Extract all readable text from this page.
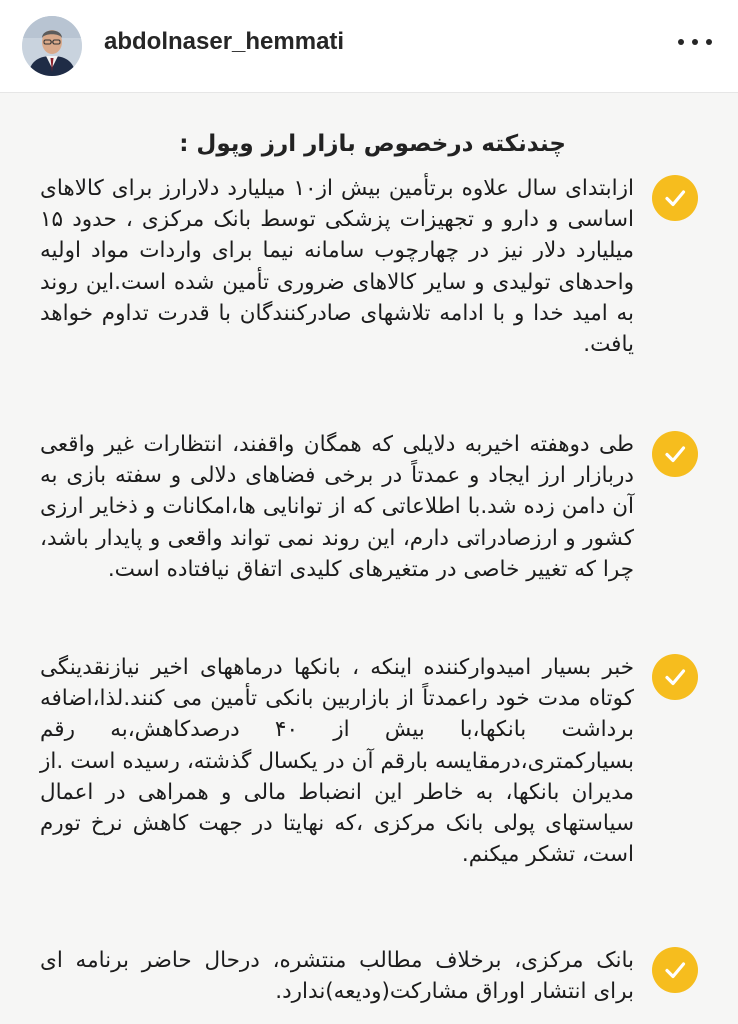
abdolnaser_hemmati
چندنکته درخصوص بازار ارز وپول :
ازابتدای سال علاوه برتأمین بیش از۱۰ میلیارد دلارارز برای کالاهای اساسی و دارو و تجهیزات پزشکی توسط بانک مرکزی ، حدود ۱۵ میلیارد دلار نیز در چهارچوب سامانه نیما برای واردات مواد اولیه واحدهای تولیدی و سایر کالاهای ضروری تأمین شده است.این روند به امید خدا و با ادامه تلاشهای صادرکنندگان با قدرت تداوم خواهد یافت.
طی دوهفته اخیربه دلایلی که همگان واقفند، انتظارات غیر واقعی دربازار ارز ایجاد و عمدتاً در برخی فضاهای دلالی و سفته بازی به آن دامن زده شد.با اطلاعاتی که از توانایی ها،امکانات و ذخایر ارزی کشور و ارزصادراتی دارم، این روند نمی تواند واقعی و پایدار باشد، چرا که تغییر خاصی در متغیرهای کلیدی اتفاق نیافتاده است.
خبر بسیار امیدوارکننده اینکه ، بانکها درماههای اخیر نیازنقدینگی کوتاه مدت خود راعمدتاً از بازاربین بانکی تأمین می کنند.لذا،اضافه برداشت بانکها،با بیش از ۴۰ درصدکاهش،به رقم بسیارکمتری،درمقایسه بارقم آن در یکسال گذشته، رسیده است .از مدیران بانکها، به خاطر این انضباط مالی و همراهی در اعمال سیاستهای پولی بانک مرکزی ،که نهایتا در جهت کاهش نرخ تورم است، تشکر میکنم.
بانک مرکزی، برخلاف مطالب منتشره، درحال حاضر برنامه ای برای انتشار اوراق مشارکت(ودیعه)ندارد.
